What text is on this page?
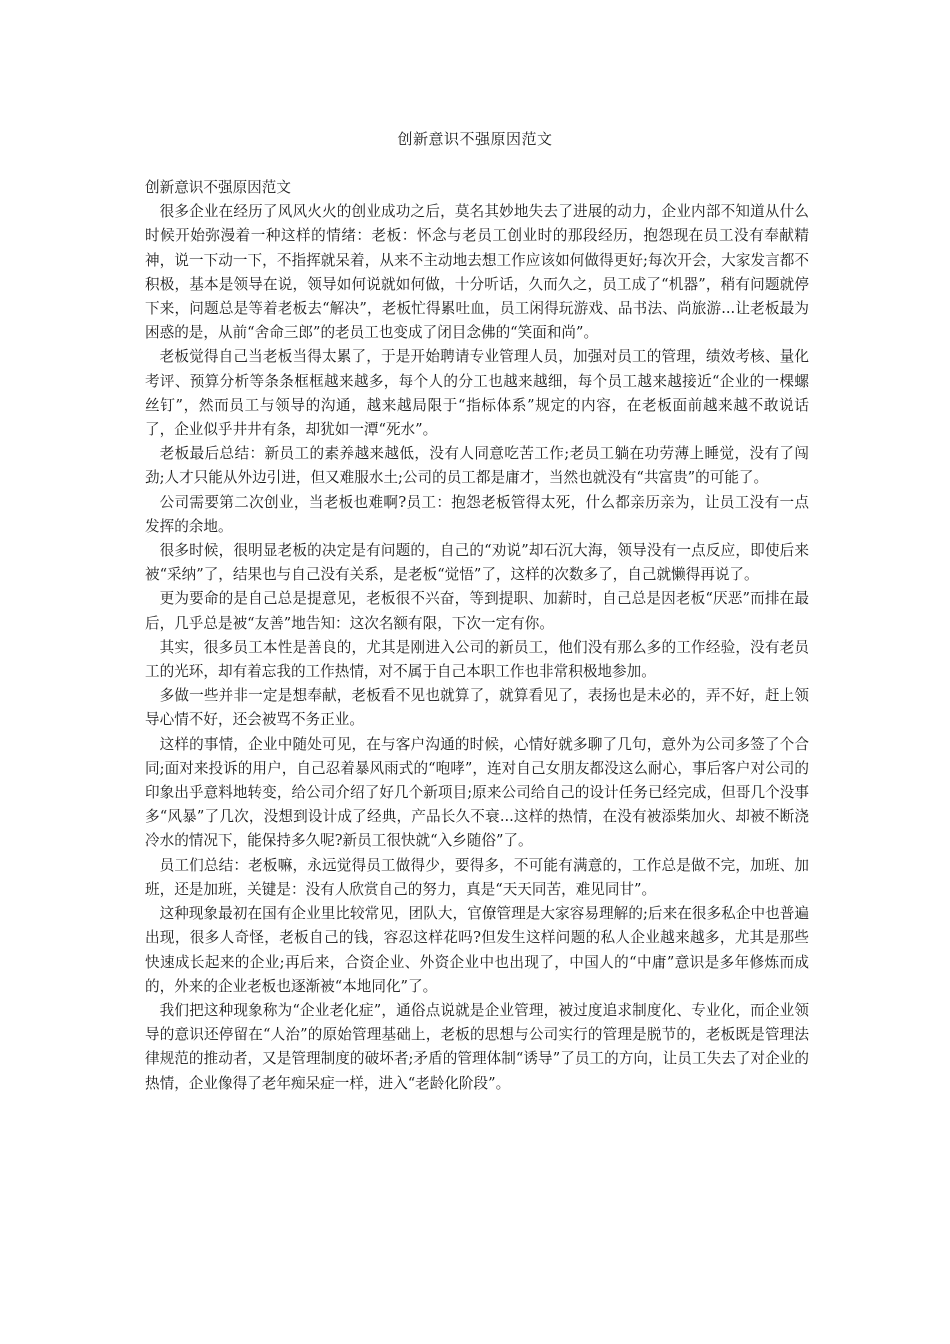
创新意识不强原因范文

创新意识不强原因范文

很多企业在经历了风风火火的创业成功之后，莫名其妙地失去了进展的动力，企业内部不知道从什么时候开始弥漫着一种这样的情绪：老板：怀念与老员工创业时的那段经历，抱怨现在员工没有奉献精神，说一下动一下，不指挥就呆着，从来不主动地去想工作应该如何做得更好;每次开会，大家发言都不积极，基本是领导在说，领导如何说就如何做，十分听话，久而久之，员工成了“机器”，稍有问题就停下来，问题总是等着老板去“解决”，老板忙得累吐血，员工闲得玩游戏、品书法、尚旅游...让老板最为困惑的是，从前“舍命三郎”的老员工也变成了闭目念佛的“笑面和尚”。

老板觉得自己当老板当得太累了，于是开始聘请专业管理人员，加强对员工的管理，绩效考核、量化考评、预算分析等条条框框越来越多，每个人的分工也越来越细，每个员工越来越接近“企业的一棵螺丝钉”，然而员工与领导的沟通，越来越局限于“指标体系”规定的内容，在老板面前越来越不敢说话了，企业似乎井井有条，却犹如一潭“死水”。

老板最后总结：新员工的素养越来越低，没有人同意吃苦工作;老员工躺在功劳薄上睡觉，没有了闯劲;人才只能从外边引进，但又难服水土;公司的员工都是庸才，当然也就没有“共富贵”的可能了。

公司需要第二次创业，当老板也难啊?员工：抱怨老板管得太死，什么都亲历亲为，让员工没有一点发挥的余地。

很多时候，很明显老板的决定是有问题的，自己的“劝说”却石沉大海，领导没有一点反应，即使后来被“采纳”了，结果也与自己没有关系，是老板“觉悟”了，这样的次数多了，自己就懒得再说了。

更为要命的是自己总是提意见，老板很不兴奋，等到提职、加薪时，自己总是因老板“厌恶”而排在最后，几乎总是被“友善”地告知：这次名额有限，下次一定有你。

其实，很多员工本性是善良的，尤其是刚进入公司的新员工，他们没有那么多的工作经验，没有老员工的光环，却有着忘我的工作热情，对不属于自己本职工作也非常积极地参加。

多做一些并非一定是想奉献，老板看不见也就算了，就算看见了，表扬也是未必的，弄不好，赶上领导心情不好，还会被骂不务正业。

这样的事情，企业中随处可见，在与客户沟通的时候，心情好就多聊了几句，意外为公司多签了个合同;面对来投诉的用户，自己忍着暴风雨式的“咆哮”，连对自己女朋友都没这么耐心，事后客户对公司的印象出乎意料地转变，给公司介绍了好几个新项目;原来公司给自己的设计任务已经完成，但哥几个没事多“风暴”了几次，没想到设计成了经典，产品长久不衰...这样的热情，在没有被添柴加火、却被不断浇冷水的情况下，能保持多久呢?新员工很快就“入乡随俗”了。

员工们总结：老板嘛，永远觉得员工做得少，要得多，不可能有满意的，工作总是做不完，加班、加班，还是加班，关键是：没有人欣赏自己的努力，真是“天天同苦，难见同甘”。

这种现象最初在国有企业里比较常见，团队大，官僚管理是大家容易理解的;后来在很多私企中也普遍出现，很多人奇怪，老板自己的钱，容忍这样花吗?但发生这样问题的私人企业越来越多，尤其是那些快速成长起来的企业;再后来，合资企业、外资企业中也出现了，中国人的“中庸”意识是多年修炼而成的，外来的企业老板也逐渐被“本地同化”了。

我们把这种现象称为“企业老化症”，通俗点说就是企业管理，被过度追求制度化、专业化，而企业领导的意识还停留在“人治”的原始管理基础上，老板的思想与公司实行的管理是脱节的，老板既是管理法律规范的推动者，又是管理制度的破坏者;矛盾的管理体制“诱导”了员工的方向，让员工失去了对企业的热情，企业像得了老年痴呆症一样，进入“老龄化阶段”。
